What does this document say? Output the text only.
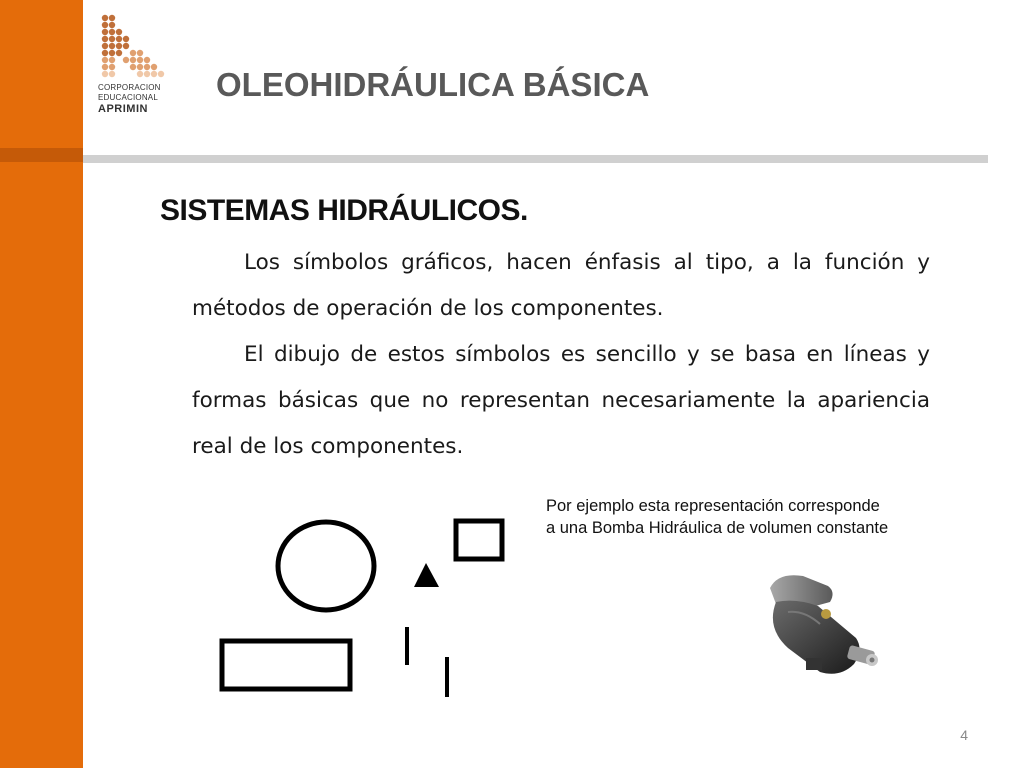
CORPORACION
EDUCACIONAL
APRIMIN
OLEOHIDRÁULICA BÁSICA
SISTEMAS HIDRÁULICOS.

Los símbolos gráficos, hacen énfasis al tipo, a la función y métodos de operación de los componentes.

El dibujo de estos símbolos es sencillo y se basa en líneas y formas básicas que no representan necesariamente la apariencia real de los componentes.

Por ejemplo esta representación corresponde
a una Bomba Hidráulica de volumen constante
4
